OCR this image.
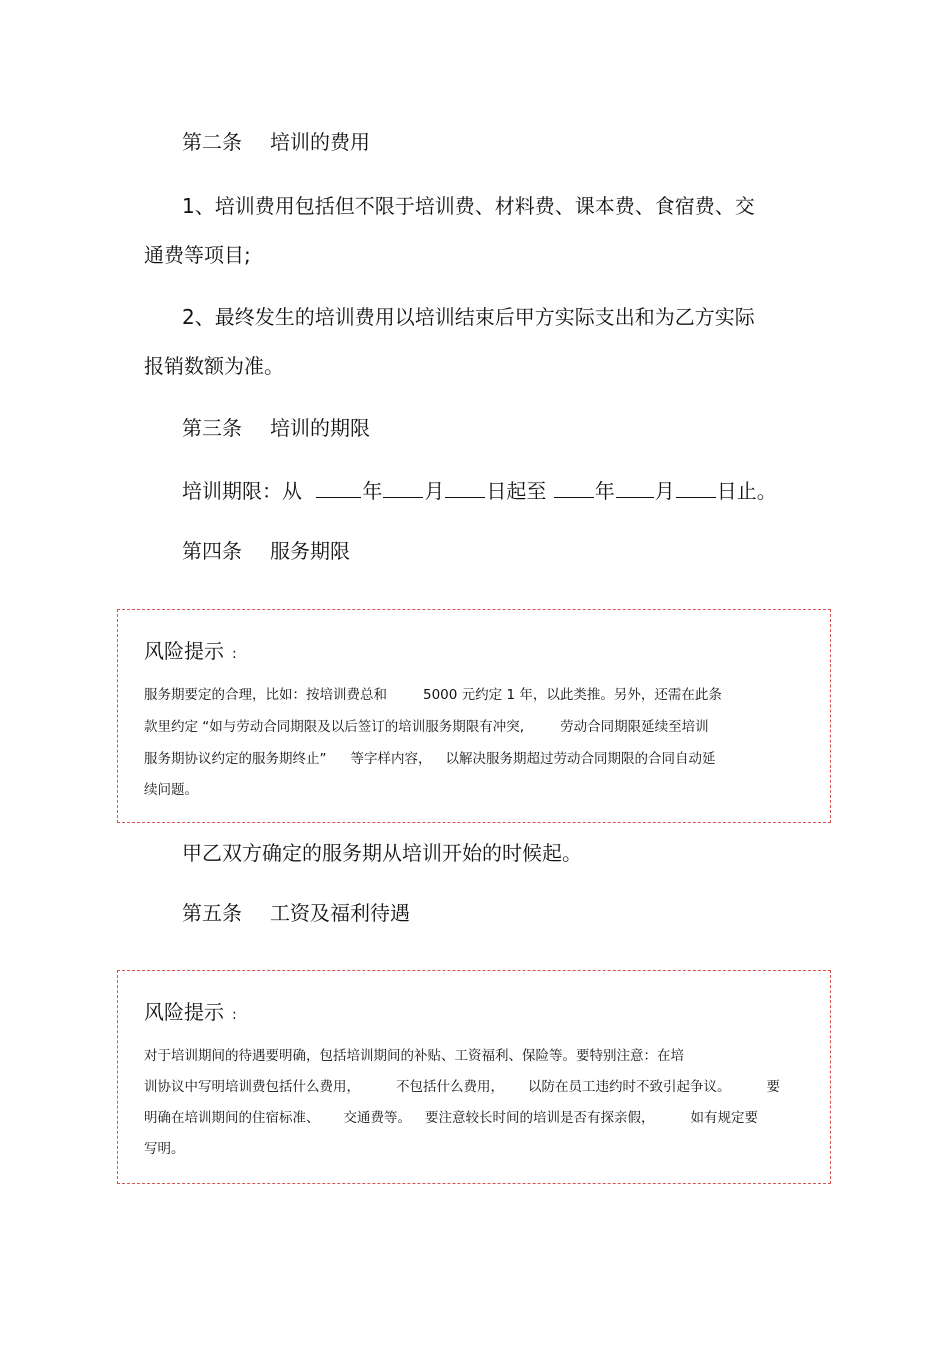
第二条 培训的费用
1、培训费用包括但不限于培训费、材料费、课本费、食宿费、交
通费等项目;
2、最终发生的培训费用以培训结束后甲方实际支出和为乙方实际
报销数额为准。
第三条 培训的期限
培训期限：从	年 月 日起至 年 月 日止。
第四条 服务期限
风险提示 :
服务期要定的合理，比如：按培训费总和	5000 元约定 1 年，以此类推。另外，还需在此条
款里约定 “如与劳动合同期限及以后签订的培训服务期限有冲突,	劳动合同期限延续至培训
服务期协议约定的服务期终止” 等字样内容， 以解决服务期超过劳动合同期限的合同自动延
续问题。
甲乙双方确定的服务期从培训开始的时候起。
第五条 工资及福利待遇
风险提示 :
对于培训期间的待遇要明确，包括培训期间的补贴、工资福利、保险等。要特别注意：在培
训协议中写明培训费包括什么费用，	不包括什么费用， 以防在员工违约时不致引起争议。	要
明确在培训期间的住宿标准、 交通费等。 要注意较长时间的培训是否有探亲假，	如有规定要
写明。
